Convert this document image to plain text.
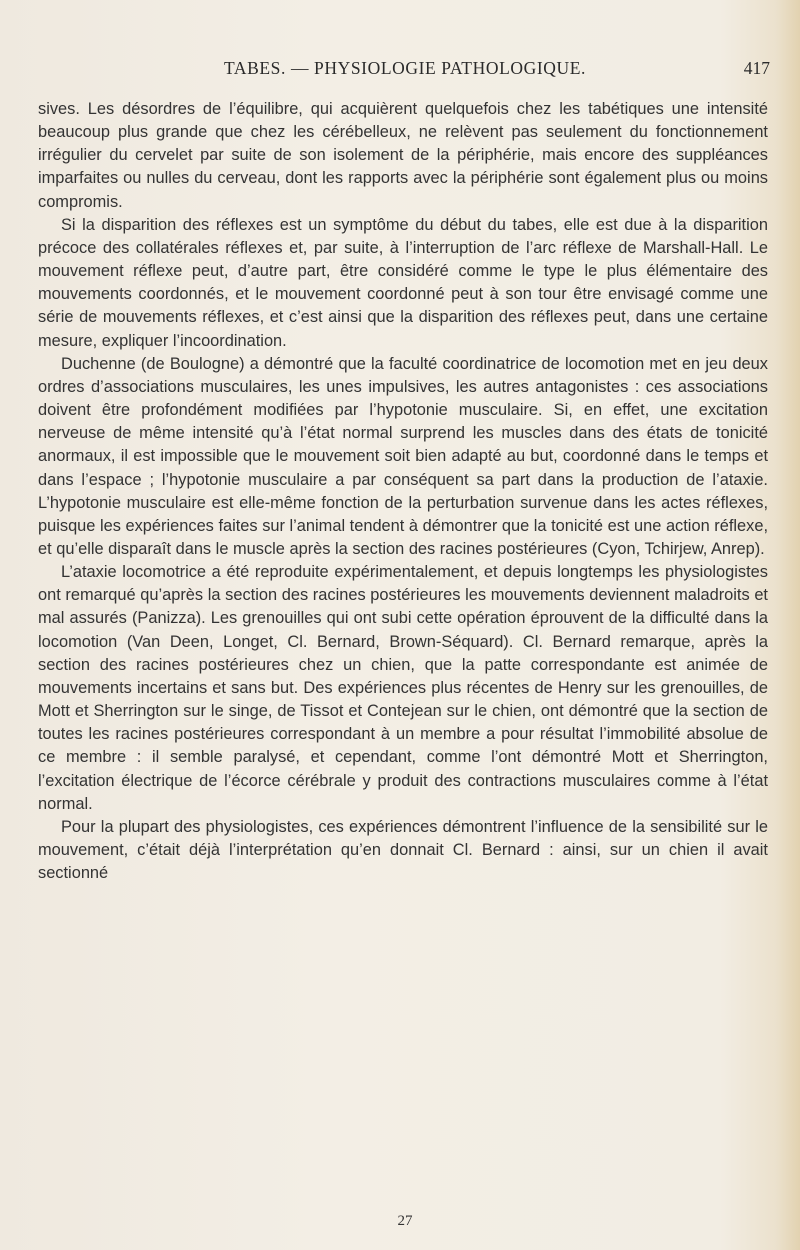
TABES. — PHYSIOLOGIE PATHOLOGIQUE.	417

sives. Les désordres de l’équilibre, qui acquièrent quelquefois chez les tabétiques une intensité beaucoup plus grande que chez les cérébelleux, ne relèvent pas seulement du fonctionnement irrégulier du cervelet par suite de son isolement de la périphérie, mais encore des suppléances imparfaites ou nulles du cerveau, dont les rapports avec la périphérie sont également plus ou moins compromis.

Si la disparition des réflexes est un symptôme du début du tabes, elle est due à la disparition précoce des collatérales réflexes et, par suite, à l’interruption de l’arc réflexe de Marshall-Hall. Le mouvement réflexe peut, d’autre part, être considéré comme le type le plus élémentaire des mouvements coordonnés, et le mouvement coordonné peut à son tour être envisagé comme une série de mouvements réflexes, et c’est ainsi que la disparition des réflexes peut, dans une certaine mesure, expliquer l’incoordination.

Duchenne (de Boulogne) a démontré que la faculté coordinatrice de locomotion met en jeu deux ordres d’associations musculaires, les unes impulsives, les autres antagonistes : ces associations doivent être profondément modifiées par l’hypotonie musculaire. Si, en effet, une excitation nerveuse de même intensité qu’à l’état normal surprend les muscles dans des états de tonicité anormaux, il est impossible que le mouvement soit bien adapté au but, coordonné dans le temps et dans l’espace ; l’hypotonie musculaire a par conséquent sa part dans la production de l’ataxie. L’hypotonie musculaire est elle-même fonction de la perturbation survenue dans les actes réflexes, puisque les expériences faites sur l’animal tendent à démontrer que la tonicité est une action réflexe, et qu’elle disparaît dans le muscle après la section des racines postérieures (Cyon, Tchirjew, Anrep).

L’ataxie locomotrice a été reproduite expérimentalement, et depuis longtemps les physiologistes ont remarqué qu’après la section des racines postérieures les mouvements deviennent maladroits et mal assurés (Panizza). Les grenouilles qui ont subi cette opération éprouvent de la difficulté dans la locomotion (Van Deen, Longet, Cl. Bernard, Brown-Séquard). Cl. Bernard remarque, après la section des racines postérieures chez un chien, que la patte correspondante est animée de mouvements incertains et sans but. Des expériences plus récentes de Henry sur les grenouilles, de Mott et Sherrington sur le singe, de Tissot et Contejean sur le chien, ont démontré que la section de toutes les racines postérieures correspondant à un membre a pour résultat l’immobilité absolue de ce membre : il semble paralysé, et cependant, comme l’ont démontré Mott et Sherrington, l’excitation électrique de l’écorce cérébrale y produit des contractions musculaires comme à l’état normal.

Pour la plupart des physiologistes, ces expériences démontrent l’influence de la sensibilité sur le mouvement, c’était déjà l’interprétation qu’en donnait Cl. Bernard : ainsi, sur un chien il avait sectionné

27
